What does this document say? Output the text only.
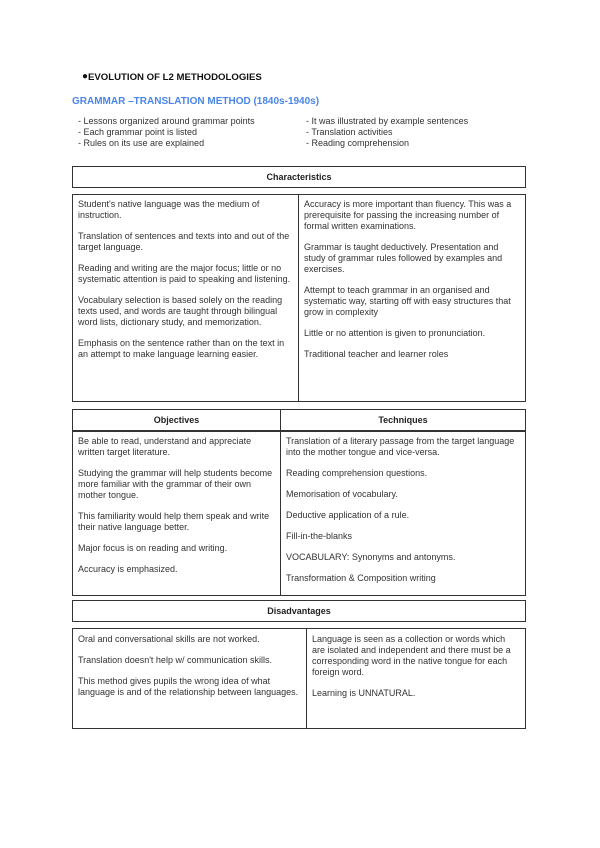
● EVOLUTION OF L2 METHODOLOGIES
GRAMMAR –TRANSLATION METHOD (1840s-1940s)
- Lessons organized around grammar points
- Each grammar point is listed
- Rules on its use are explained
- It was illustrated by example sentences
- Translation activities
- Reading comprehension
Characteristics

Student's native language was the medium of instruction.

Translation of sentences and texts into and out of the target language.

Reading and writing are the major focus; little or no systematic attention is paid to speaking and listening.

Vocabulary selection is based solely on the reading texts used, and words are taught through bilingual word lists, dictionary study, and memorization.

Emphasis on the sentence rather than on the text in an attempt to make language learning easier.

Accuracy is more important than fluency. This was a prerequisite for passing the increasing number of formal written examinations.

Grammar is taught deductively. Presentation and study of grammar rules followed by examples and exercises.

Attempt to teach grammar in an organised and systematic way, starting off with easy structures that grow in complexity

Little or no attention is given to pronunciation.

Traditional teacher and learner roles

Objectives	Techniques

Be able to read, understand and appreciate written target literature.

Studying the grammar will help students become more familiar with the grammar of their own mother tongue.

This familiarity would help them speak and write their native language better.

Major focus is on reading and writing.

Accuracy is emphasized.

Translation of a literary passage from the target language into the mother tongue and vice-versa.

Reading comprehension questions.

Memorisation of vocabulary.

Deductive application of a rule.

Fill-in-the-blanks

VOCABULARY: Synonyms and antonyms.

Transformation & Composition writing

Disadvantages

Oral and conversational skills are not worked.

Translation doesn't help w/ communication skills.

This method gives pupils the wrong idea of what language is and of the relationship between languages.

Language is seen as a collection or words which are isolated and independent and there must be a corresponding word in the native tongue for each foreign word.

Learning is UNNATURAL.
